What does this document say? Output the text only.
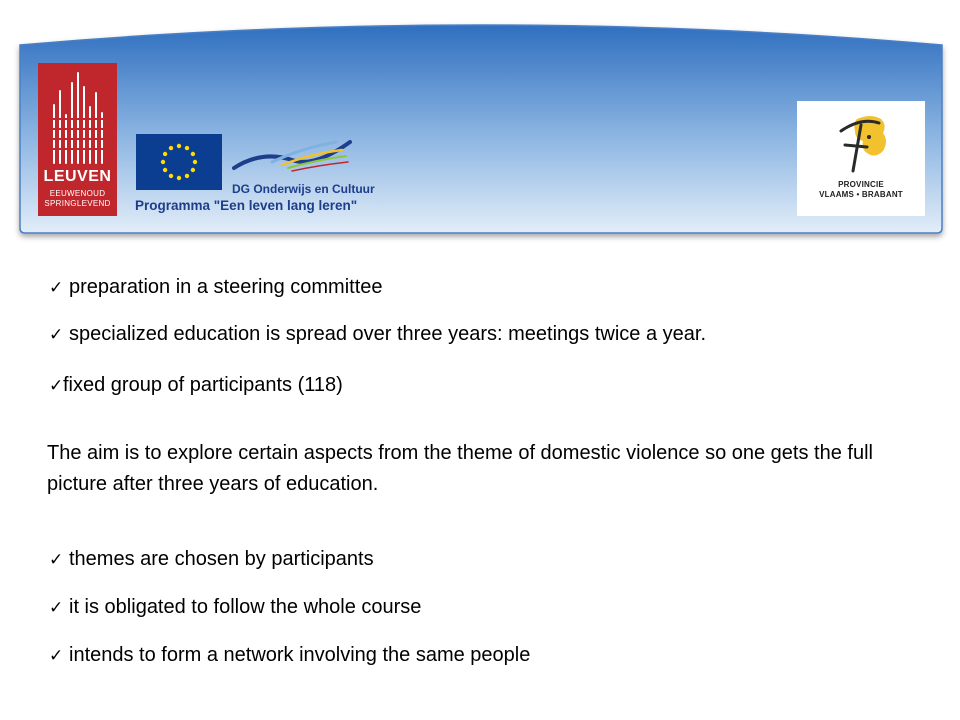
LEUVEN
EEUWENOUD
SPRINGLEVEND
DG Onderwijs en Cultuur
Programma "Een leven lang leren"
PROVINCIE
VLAAMS • BRABANT
✓ preparation in a steering committee
✓ specialized education is spread over three years: meetings twice a year.
✓fixed group of participants (118)
The aim is to explore certain aspects from the theme of domestic violence so one gets the full picture after three years of education.
✓ themes are chosen by participants
✓ it is obligated to follow the whole course
✓ intends to form a network involving the same people
